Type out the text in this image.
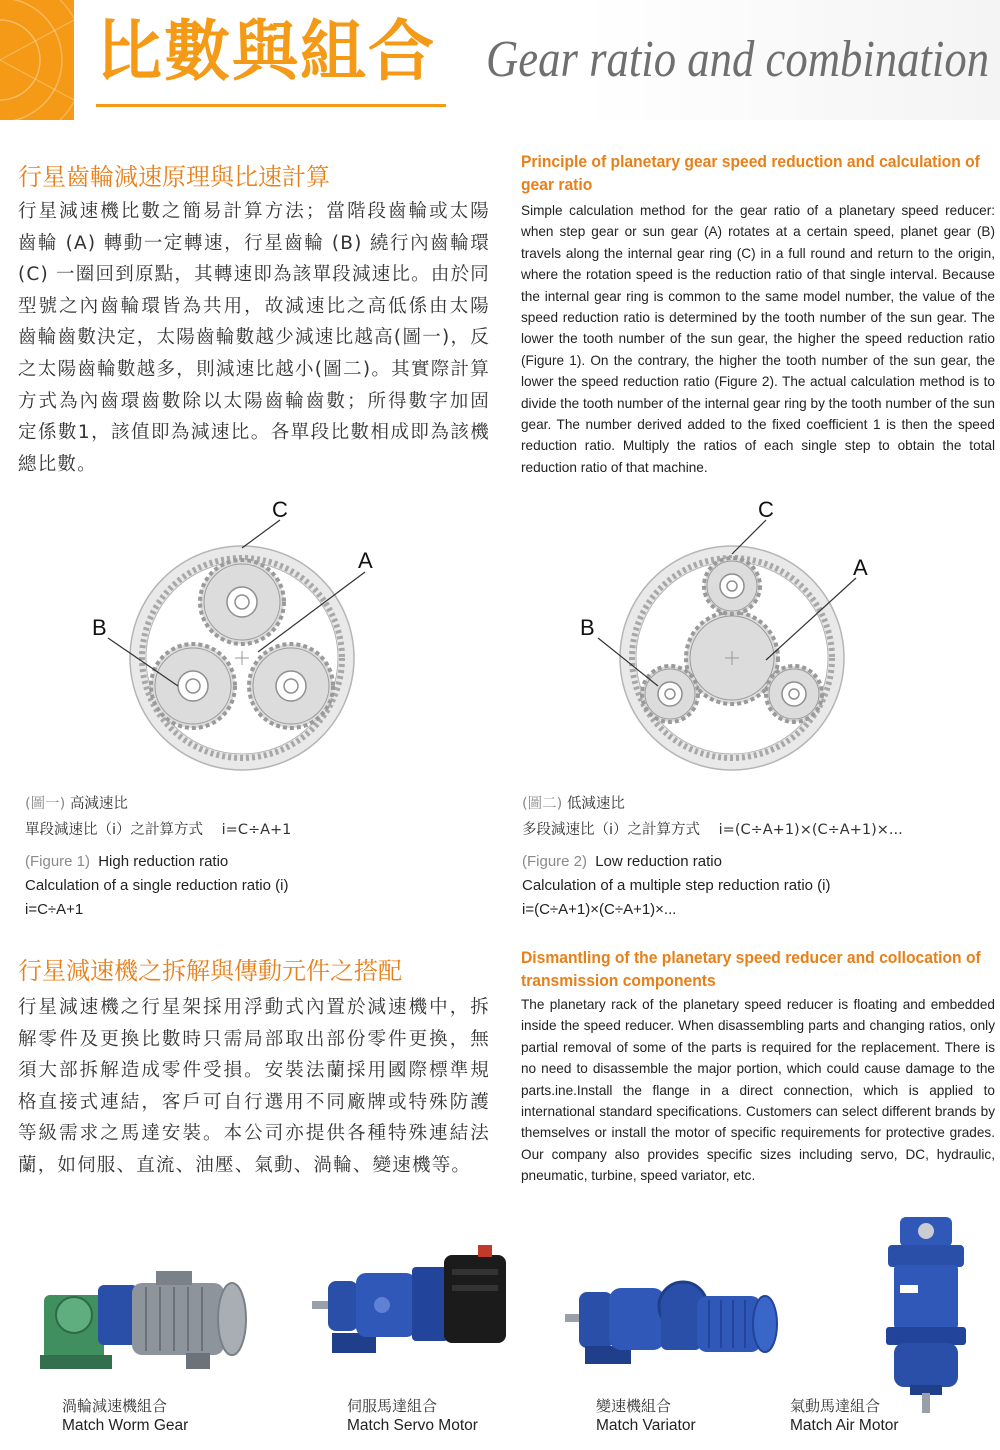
比數與組合 Gear ratio and combination
行星齒輪減速原理與比速計算
Principle of planetary gear speed reduction and calculation of gear ratio
行星減速機比數之簡易計算方法；當階段齒輪或太陽齒輪 (A) 轉動一定轉速，行星齒輪 (B) 繞行內齒輪環 (C) 一圈回到原點，其轉速即為該單段減速比。由於同型號之內齒輪環皆為共用，故減速比之高低係由太陽齒輪齒數決定，太陽齒輪數越少減速比越高(圖一)，反之太陽齒輪數越多，則減速比越小(圖二)。其實際計算方式為內齒環齒數除以太陽齒輪齒數；所得數字加固定係數1，該值即為減速比。各單段比數相成即為該機總比數。
Simple calculation method for the gear ratio of a planetary speed reducer: when step gear or sun gear (A) rotates at a certain speed, planet gear (B) travels along the internal gear ring (C) in a full round and return to the origin, where the rotation speed is the reduction ratio of that single interval. Because the internal gear ring is common to the same model number, the value of the speed reduction ratio is determined by the tooth number of the sun gear. The lower the tooth number of the sun gear, the higher the speed reduction ratio (Figure 1). On the contrary, the higher the tooth number of the sun gear, the lower the speed reduction ratio (Figure 2). The actual calculation method is to divide the tooth number of the internal gear ring by the tooth number of the sun gear. The number derived added to the fixed coefficient 1 is then the speed reduction ratio. Multiply the ratios of each single step to obtain the total reduction ratio of that machine.
C
A
B
C
A
B
(圖一) 高減速比
單段減速比（i）之計算方式 i=C÷A+1
(Figure 1) High reduction ratio
Calculation of a single reduction ratio (i)
i=C÷A+1
(圖二) 低減速比
多段減速比（i）之計算方式 i=(C÷A+1)×(C÷A+1)×...
(Figure 2) Low reduction ratio
Calculation of a multiple step reduction ratio (i)
i=(C÷A+1)×(C÷A+1)×...
行星減速機之拆解與傳動元件之搭配	Dismantling of the planetary speed reducer and collocation of transmission components
行星減速機之行星架採用浮動式內置於減速機中，拆解零件及更換比數時只需局部取出部份零件更換，無須大部拆解造成零件受損。安裝法蘭採用國際標準規格直接式連結，客戶可自行選用不同廠牌或特殊防護等級需求之馬達安裝。本公司亦提供各種特殊連結法蘭，如伺服、直流、油壓、氣動、渦輪、變速機等。
The planetary rack of the planetary speed reducer is floating and embedded inside the speed reducer. When disassembling parts and changing ratios, only partial removal of some of the parts is required for the replacement. There is no need to disassemble the major portion, which could cause damage to the parts.ine.Install the flange in a direct connection, which is applied to international standard specifications. Customers can select different brands by themselves or install the motor of specific requirements for protective grades. Our company also provides specific sizes including servo, DC, hydraulic, pneumatic, turbine, speed variator, etc.
渦輪減速機組合
Match Worm Gear
伺服馬達組合
Match Servo Motor
變速機組合
Match Variator
氣動馬達組合
Match Air Motor
